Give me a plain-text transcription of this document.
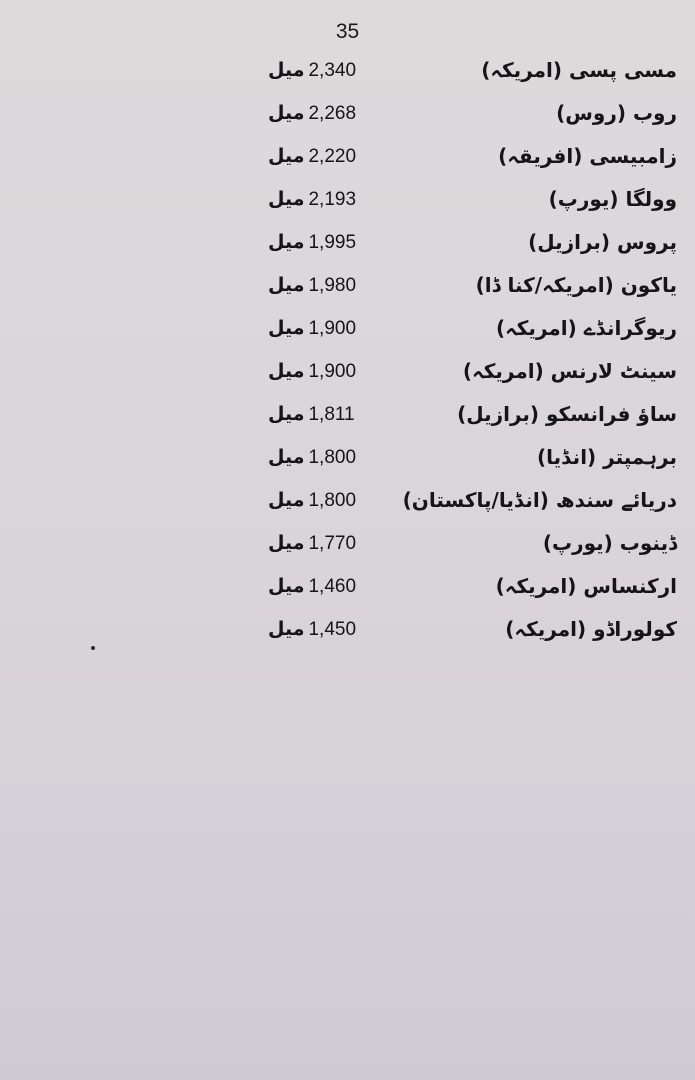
35
مسی پسی (امریکہ)
2,340
میل
روب (روس)
2,268
میل
زامبیسی (افریقہ)
2,220
میل
وولگا (یورپ)
2,193
میل
پروس (برازیل)
1,995
میل
یاکون (امریکہ/کنا ڈا)
1,980
میل
ریوگرانڈے (امریکہ)
1,900
میل
سینٹ لارنس (امریکہ)
1,900
میل
ساؤ فرانسکو (برازیل)
1,811
میل
برہمپتر (انڈیا)
1,800
میل
دریائے سندھ (انڈیا/پاکستان)
1,800
میل
ڈینوب (یورپ)
1,770
میل
ارکنساس (امریکہ)
1,460
میل
کولوراڈو (امریکہ)
1,450
میل
